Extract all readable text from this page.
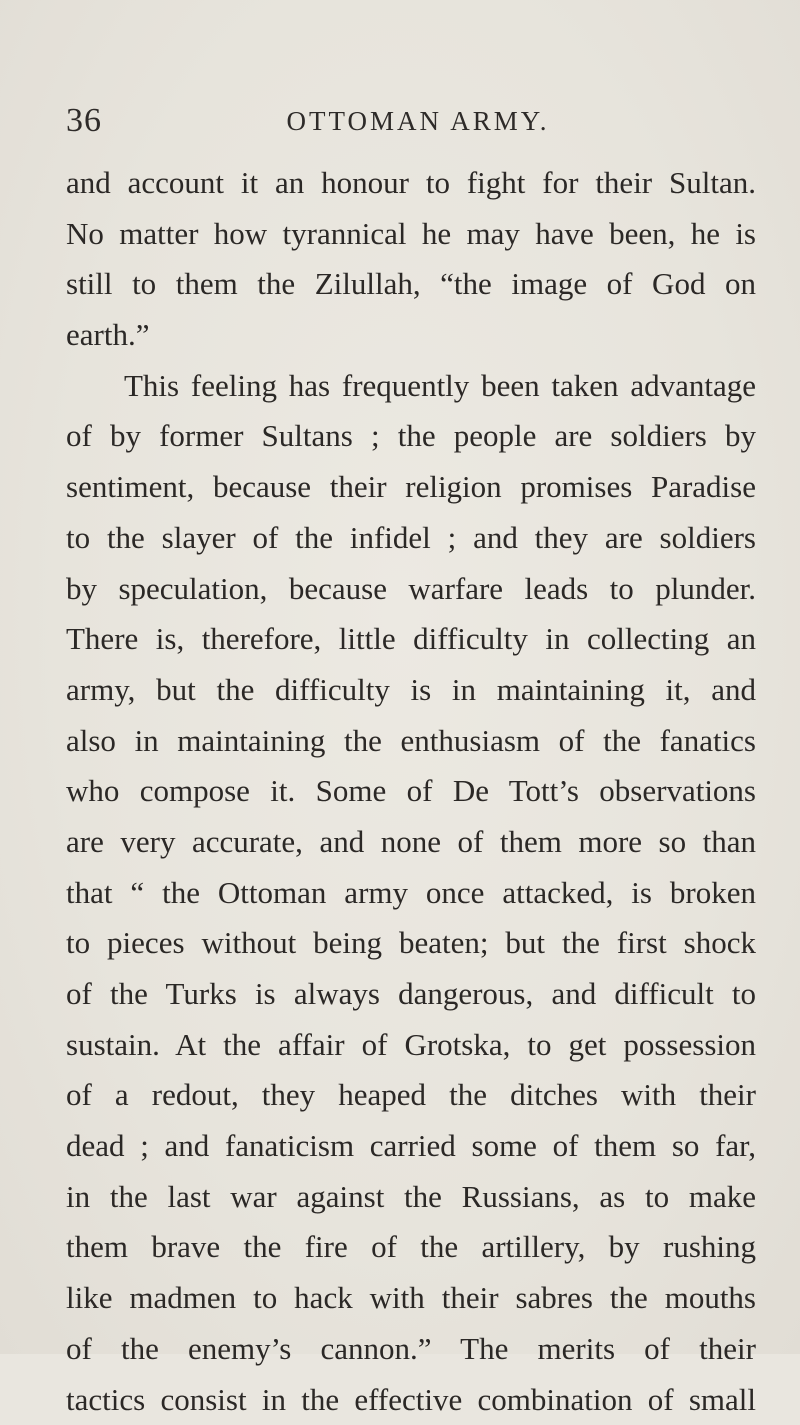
36	OTTOMAN ARMY.
and account it an honour to fight for their Sultan.
No matter how tyrannical he may have been, he is
still to them the Zilullah, “the image of God on
earth.”
This feeling has frequently been taken advantage
of by former Sultans ; the people are soldiers by
sentiment, because their religion promises Paradise
to the slayer of the infidel ; and they are soldiers
by speculation, because warfare leads to plunder.
There is, therefore, little difficulty in collecting an
army, but the difficulty is in maintaining it, and
also in maintaining the enthusiasm of the fanatics
who compose it. Some of De Tott’s observations
are very accurate, and none of them more so than
that “ the Ottoman army once attacked, is broken
to pieces without being beaten; but the first shock
of the Turks is always dangerous, and difficult to
sustain. At the affair of Grotska, to get possession
of a redout, they heaped the ditches with their
dead ; and fanaticism carried some of them so far,
in the last war against the Russians, as to make
them brave the fire of the artillery, by rushing
like madmen to hack with their sabres the mouths
of the enemy’s cannon.” The merits of their
tactics consist in the effective combination of small
